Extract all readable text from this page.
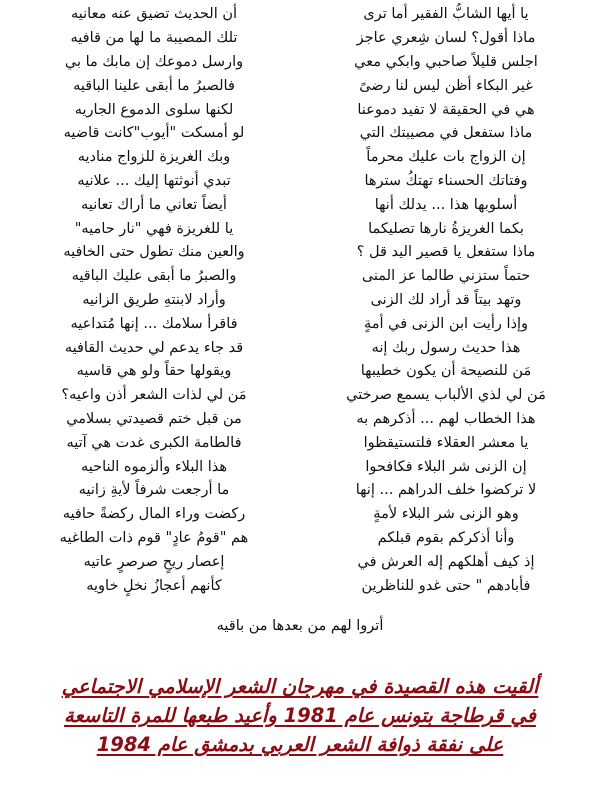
يا أيها الشابُّ الفقير أما ترى
أن الحديث تضيق عنه معانيه
ماذا أقول؟ لسان شِعري عاجز
تلك المصيبة ما لها من قافيه
اجلس قليلاً صاحبي وابكي معي
وارسل دموعك إن مابك ما بي
غير البكاء أظن ليس لنا رضىً
فالصبرُ ما أبقى علينا الباقيه
هي في الحقيقة لا تفيد دموعنا
لكنها سلوى الدموع الجاريه
ماذا ستفعل في مصيبتك التي
لو أمسكت "أيوب"كانت قاضيه
إن الزواج بات عليك محرماً
وبك الغريزة للزواج مناديه
وفتاتك الحسناء تهتكُ سترها
تبدي أنوثتها إليك ... علانيه
أسلوبها هذا ... يدلك أنها
أيضاً تعاني ما أراك تعانيه
بكما الغريزةُ نارها تصليكما
يا للغريزة فهي "نار حاميه"
ماذا ستفعل يا قصير اليد قل ؟
والعين منك تطول حتى الخافيه
حتماً ستزني طالما عز المنى
والصبرُ ما أبقى عليك الباقيه
وتهد بيتاً قد أراد لك الزنى
وأراد لابنتهِ طريق الزانيه
وإذا رأيت ابن الزنى في أمةٍ
فاقرأ سلامك ... إنها مُتداعيه
هذا حديث رسول ربك إنه
قد جاء يدعم لي حديث القافيه
مَن للنصيحة أن يكون خطيبها
ويقولها حقاً ولو هي قاسيه
مَن لي لذي الألباب يسمع صرختي
مَن لي لذات الشعر أذن واعيه؟
هذا الخطاب لهم ... أذكرهم به
من قبل ختم قصيدتي بسلامي
يا معشر العقلاء فلتستيقظوا
فالطامة الكبرى غدت هي آتيه
إن الزنى شر البلاء فكافحوا
هذا البلاء وألزموه الناحيه
لا تركضوا خلف الدراهم ... إنها
ما أرجعت شرفاً لأيةِ زانيه
وهو الزنى شر البلاء لأمةٍ
ركضت وراء المال ركضةً حافيه
وأنا أذكركم بقوم قبلكم
هم "قومُ عادٍ" قوم ذات الطاغيه
إذ كيف أهلكهم إله العرش في
إعصار ريحٍ صرصرٍ عاتيه
فأبادهم " حتى غدو للناظرين
كأنهم أعجازُ نخلٍ خاويه
أتروا لهم من بعدها من باقيه
ألقيت هذه القصيدة في مهرجان الشعر الإسلامي الاجتماعي
في قرطاجة بتونس عام 1981 وأعيد طبعها للمرة التاسعة
على نفقة ذوافة الشعر العربي بدمشق عام 1984
